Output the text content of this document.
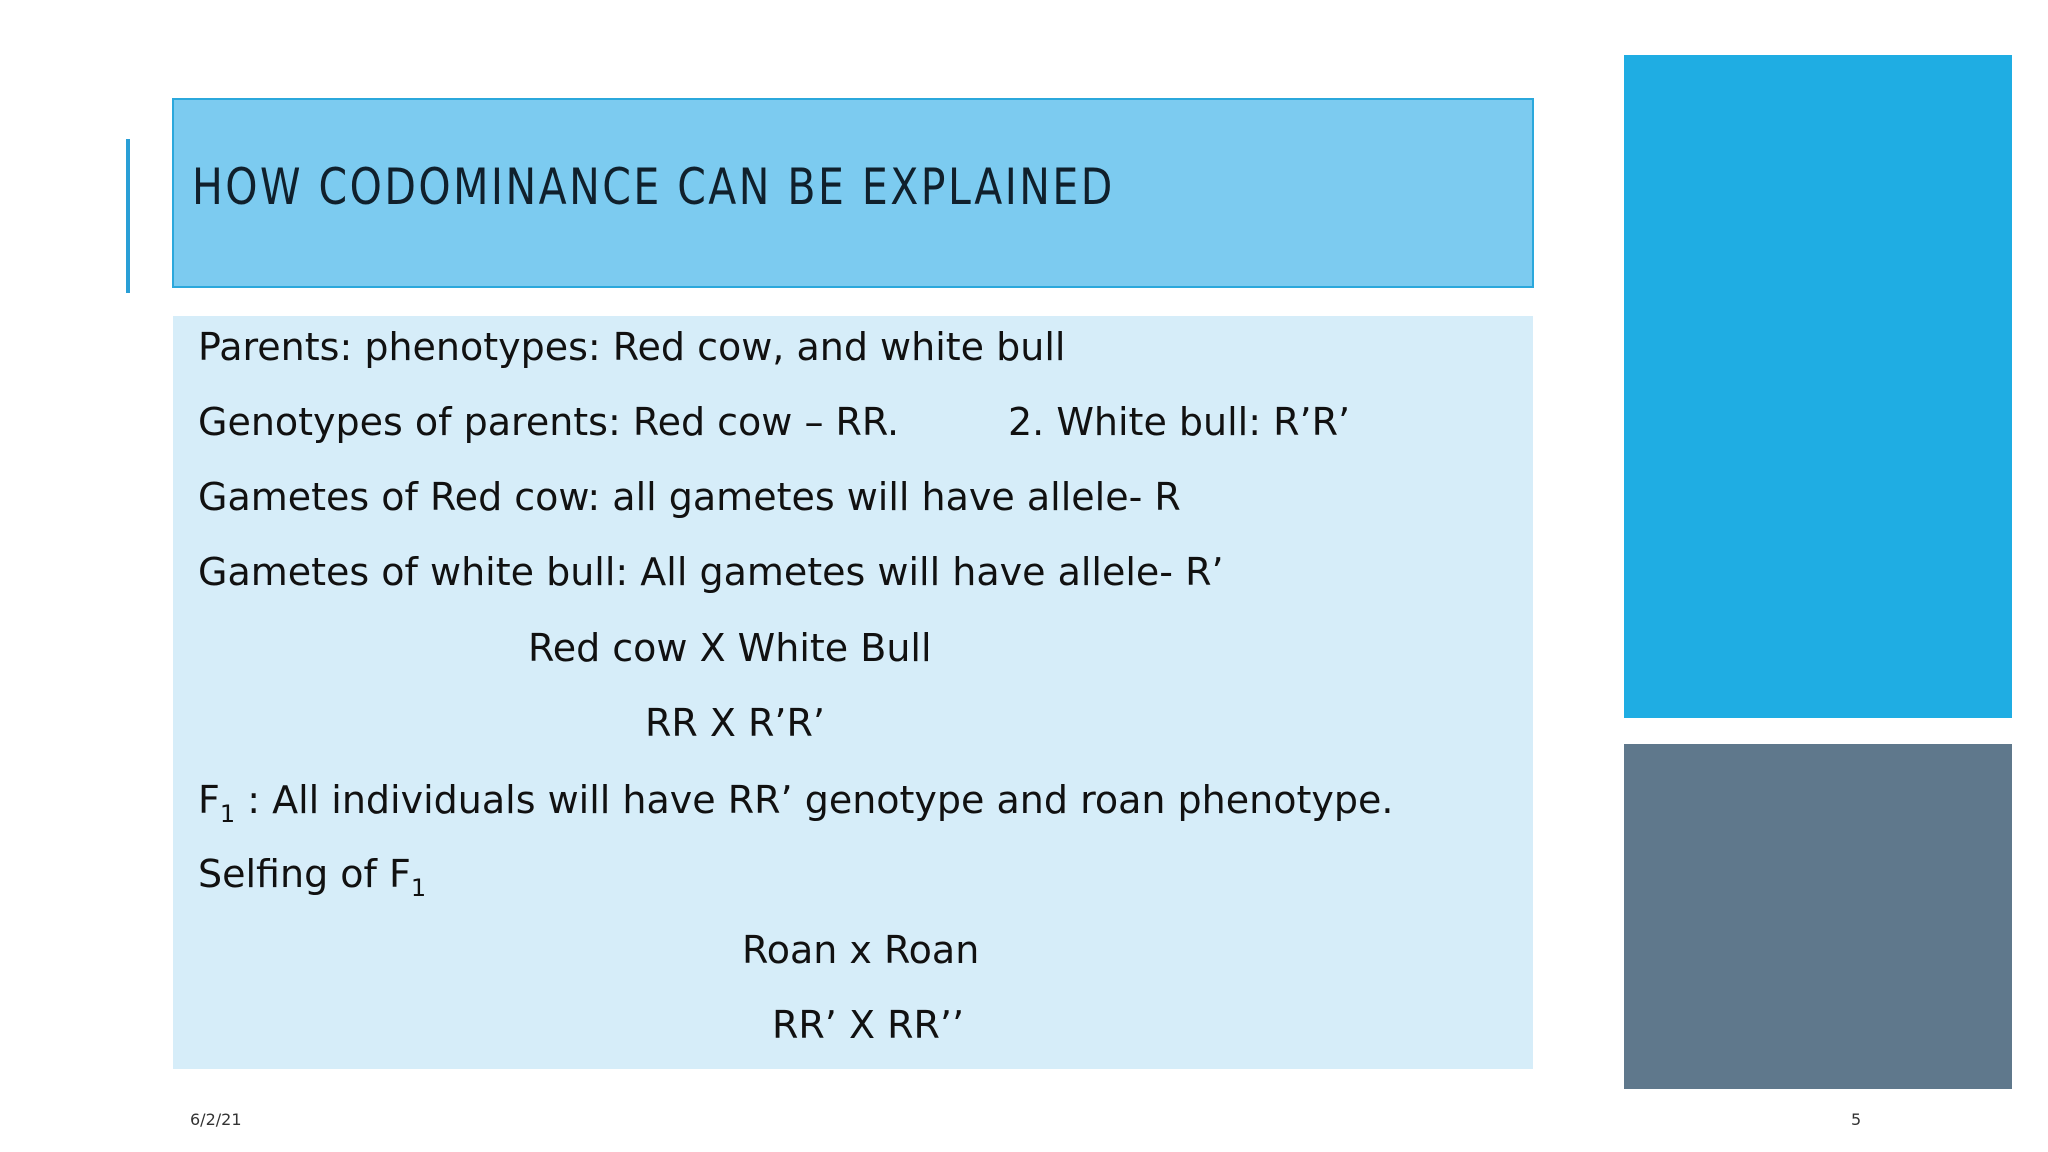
HOW CODOMINANCE CAN BE EXPLAINED
Parents: phenotypes: Red cow, and white bull
Genotypes of parents: Red cow – RR.	2. White bull: R’R’
Gametes of Red cow: all gametes will have allele- R
Gametes of white bull: All gametes will have allele- R’
Red cow X White Bull
RR X R’R’
$F_1$ : All individuals will have RR’ genotype and roan phenotype.
Selfing of $F_1$
Roan x Roan
RR’ X RR’’
6/2/21	5
